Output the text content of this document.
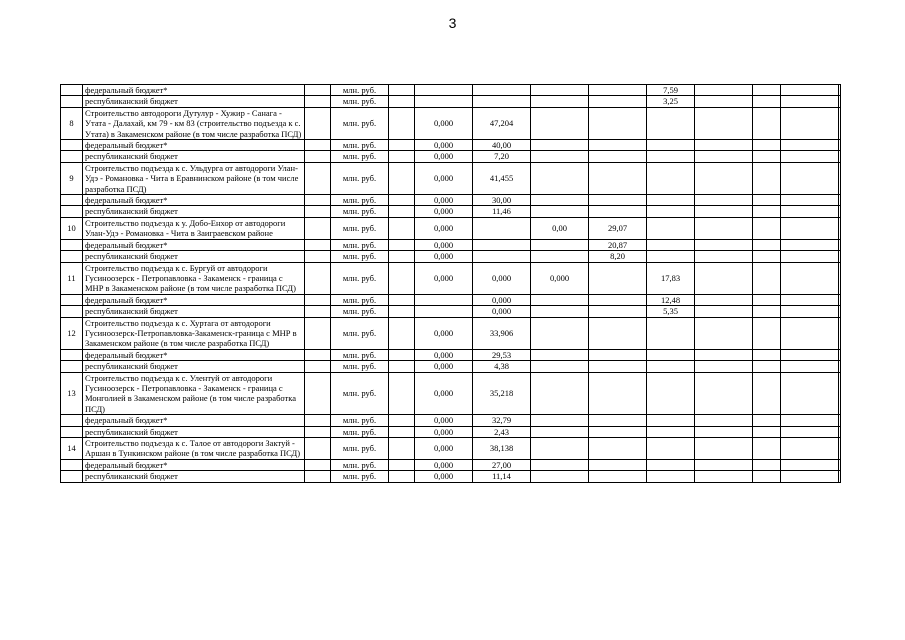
3
	федеральный бюджет*		млн. руб.						7,59				
	республиканский бюджет		млн. руб.						3,25				
8	Строительство автодороги Дутулур - Хужир - Санага - Утата - Далахай, км 79 - км 83 (строительство подъезда к с. Утата) в Закаменском районе (в том числе разработка ПСД)		млн. руб.		0,000	47,204							
	федеральный бюджет*		млн. руб.		0,000	40,00							
	республиканский бюджет		млн. руб.		0,000	7,20							
9	Строительство подъезда к с. Ульдурга от автодороги Улан-Удэ - Романовка - Чита в Еравнинском районе (в том числе разработка ПСД)		млн. руб.		0,000	41,455							
	федеральный бюджет*		млн. руб.		0,000	30,00							
	республиканский бюджет		млн. руб.		0,000	11,46							
10	Строительство подъезда к у. Добо-Енхор от автодороги Улан-Удэ - Романовка - Чита в Заиграевском районе		млн. руб.		0,000		0,00	29,07					
	федеральный бюджет*		млн. руб.		0,000			20,87					
	республиканский бюджет		млн. руб.		0,000			8,20					
11	Строительство подъезда к с. Бургуй от автодороги Гусиноозерск - Петропавловка - Закаменск - граница с МНР в Закаменском районе (в том числе разработка ПСД)		млн. руб.		0,000	0,000	0,000		17,83				
	федеральный бюджет*		млн. руб.			0,000			12,48				
	республиканский бюджет		млн. руб.			0,000			5,35				
12	Строительство подъезда к с. Хуртага от автодороги Гусиноозерск-Петропавловка-Закаменск-граница с МНР в Закаменском районе (в том числе разработка ПСД)		млн. руб.		0,000	33,906							
	федеральный бюджет*		млн. руб.		0,000	29,53							
	республиканский бюджет		млн. руб.		0,000	4,38							
13	Строительство подъезда к с. Улентуй от автодороги Гусиноозерск - Петропавловка - Закаменск - граница с Монголией в Закаменском районе (в том числе разработка ПСД)		млн. руб.		0,000	35,218							
	федеральный бюджет*		млн. руб.		0,000	32,79							
	республиканский бюджет		млн. руб.		0,000	2,43							
14	Строительство подъезда к с. Талое от автодороги Зактуй - Аршан в Тункинском районе (в том числе разработка ПСД)		млн. руб.		0,000	38,138							
	федеральный бюджет*		млн. руб.		0,000	27,00							
	республиканский бюджет		млн. руб.		0,000	11,14							
